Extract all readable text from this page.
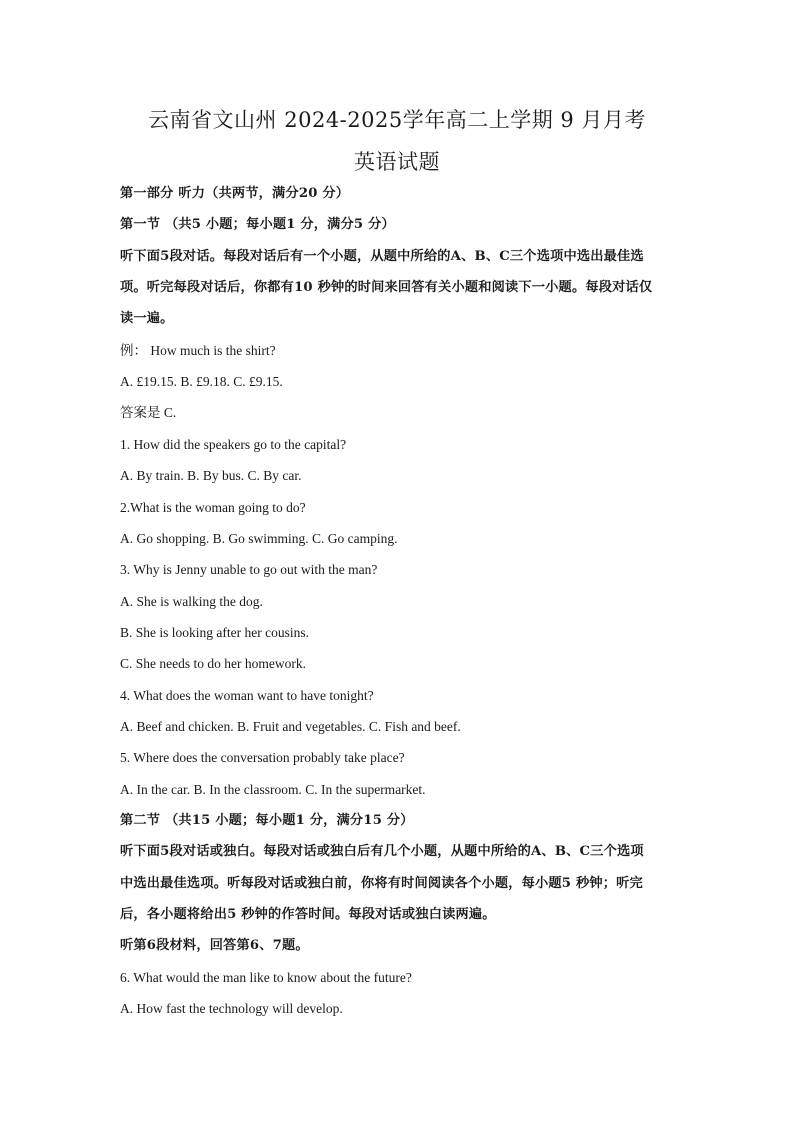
云南省文山州 2024-2025学年高二上学期 9 月月考
英语试题
第一部分 听力（共两节，满分20 分）
第一节 （共5 小题；每小题1 分，满分5 分）
听下面5段对话。每段对话后有一个小题，从题中所给的A、B、C三个选项中选出最佳选
项。听完每段对话后，你都有10 秒钟的时间来回答有关小题和阅读下一小题。每段对话仅
读一遍。
例： How much is the shirt?
A. £19.15. B. £9.18. C. £9.15.
答案是 C.
1. How did the speakers go to the capital?
A. By train. B. By bus. C. By car.
2.What is the woman going to do?
A. Go shopping. B. Go swimming. C. Go camping.
3. Why is Jenny unable to go out with the man?
A. She is walking the dog.
B. She is looking after her cousins.
C. She needs to do her homework.
4. What does the woman want to have tonight?
A. Beef and chicken. B. Fruit and vegetables. C. Fish and beef.
5. Where does the conversation probably take place?
A. In the car. B. In the classroom. C. In the supermarket.
第二节 （共15 小题；每小题1 分，满分15 分）
听下面5段对话或独白。每段对话或独白后有几个小题，从题中所给的A、B、C三个选项
中选出最佳选项。听每段对话或独白前，你将有时间阅读各个小题，每小题5 秒钟；听完
后，各小题将给出5 秒钟的作答时间。每段对话或独白读两遍。
听第6段材料，回答第6、7题。
6. What would the man like to know about the future?
A. How fast the technology will develop.
